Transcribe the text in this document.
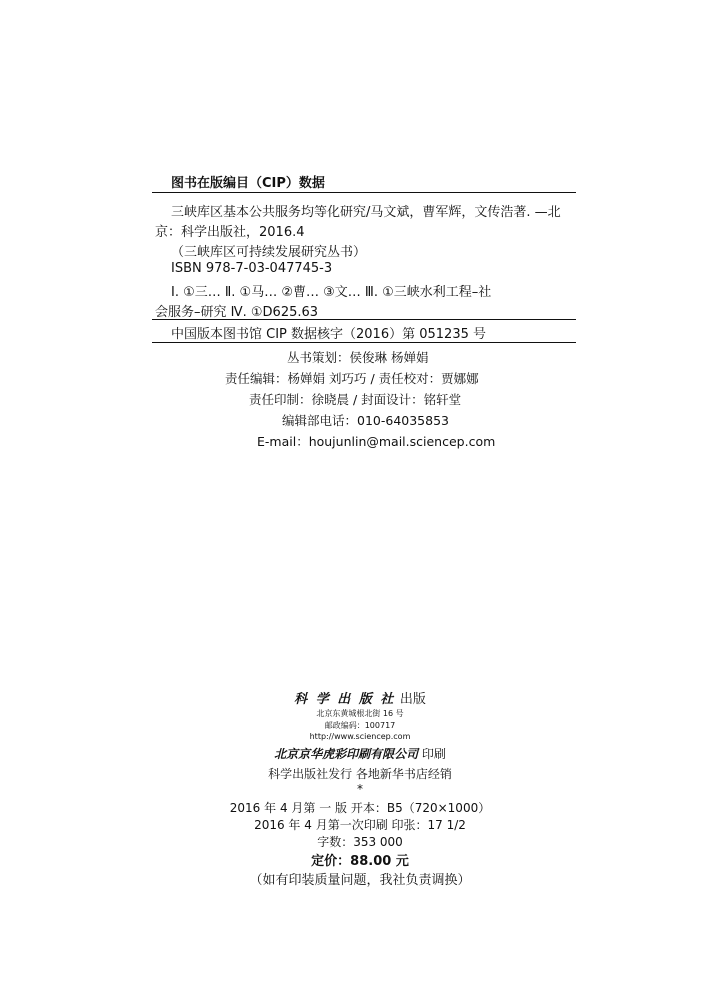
图书在版编目（CIP）数据
三峡库区基本公共服务均等化研究/马文斌，曹军辉，文传浩著. —北
京：科学出版社，2016.4
（三峡库区可持续发展研究丛书）
ISBN 978-7-03-047745-3
Ⅰ. ①三… Ⅱ. ①马… ②曹… ③文… Ⅲ. ①三峡水利工程–社
会服务–研究 Ⅳ. ①D625.63
中国版本图书馆 CIP 数据核字（2016）第 051235 号
丛书策划：侯俊琳 杨婵娟
责任编辑：杨婵娟 刘巧巧 / 责任校对：贾娜娜
责任印制：徐晓晨 / 封面设计：铭轩堂
编辑部电话：010-64035853
E-mail：houjunlin@mail.sciencep.com
科 学 出 版 社 出版
北京东黄城根北街 16 号
邮政编码：100717
http://www.sciencep.com
北京京华虎彩印刷有限公司 印刷
科学出版社发行 各地新华书店经销
*
2016 年 4 月第 一 版 开本：B5（720×1000）
2016 年 4 月第一次印刷 印张：17 1/2
字数：353 000
定价：88.00 元
（如有印装质量问题，我社负责调换）
